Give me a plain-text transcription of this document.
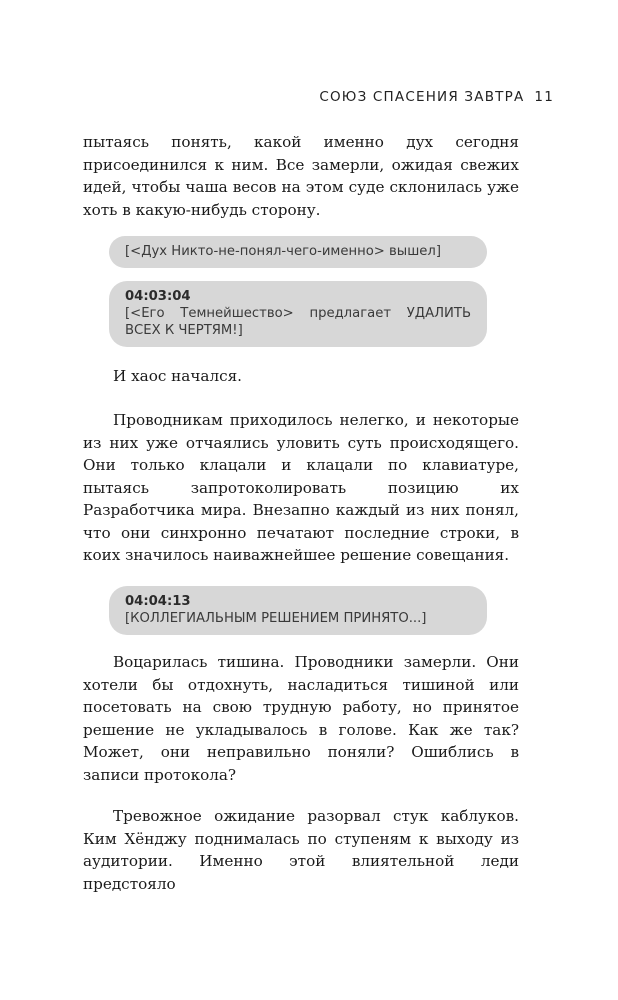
СОЮЗ СПАСЕНИЯ ЗАВТРА 11

пытаясь понять, какой именно дух сегодня присоединился к ним. Все замерли, ожидая свежих идей, чтобы чаша весов на этом суде склонилась уже хоть в какую-нибудь сторону.

[<Дух Никто-не-понял-чего-именно> вышел]
04:03:04
[<Его Темнейшество> предлагает УДАЛИТЬ ВСЕХ К ЧЕРТЯМ!]

И хаос начался.

Проводникам приходилось нелегко, и некоторые из них уже отчаялись уловить суть происходящего. Они только клацали и клацали по клавиатуре, пытаясь запротоколировать позицию их Разработчика мира. Внезапно каждый из них понял, что они синхронно печатают последние строки, в коих значилось наиважнейшее решение совещания.

04:04:13
[КОЛЛЕГИАЛЬНЫМ РЕШЕНИЕМ ПРИНЯТО...]

Воцарилась тишина. Проводники замерли. Они хотели бы отдохнуть, насладиться тишиной или посетовать на свою трудную работу, но принятое решение не укладывалось в голове. Как же так? Может, они неправильно поняли? Ошиблись в записи протокола?

Тревожное ожидание разорвал стук каблуков. Ким Хёнджу поднималась по ступеням к выходу из аудитории. Именно этой влиятельной леди предстояло
